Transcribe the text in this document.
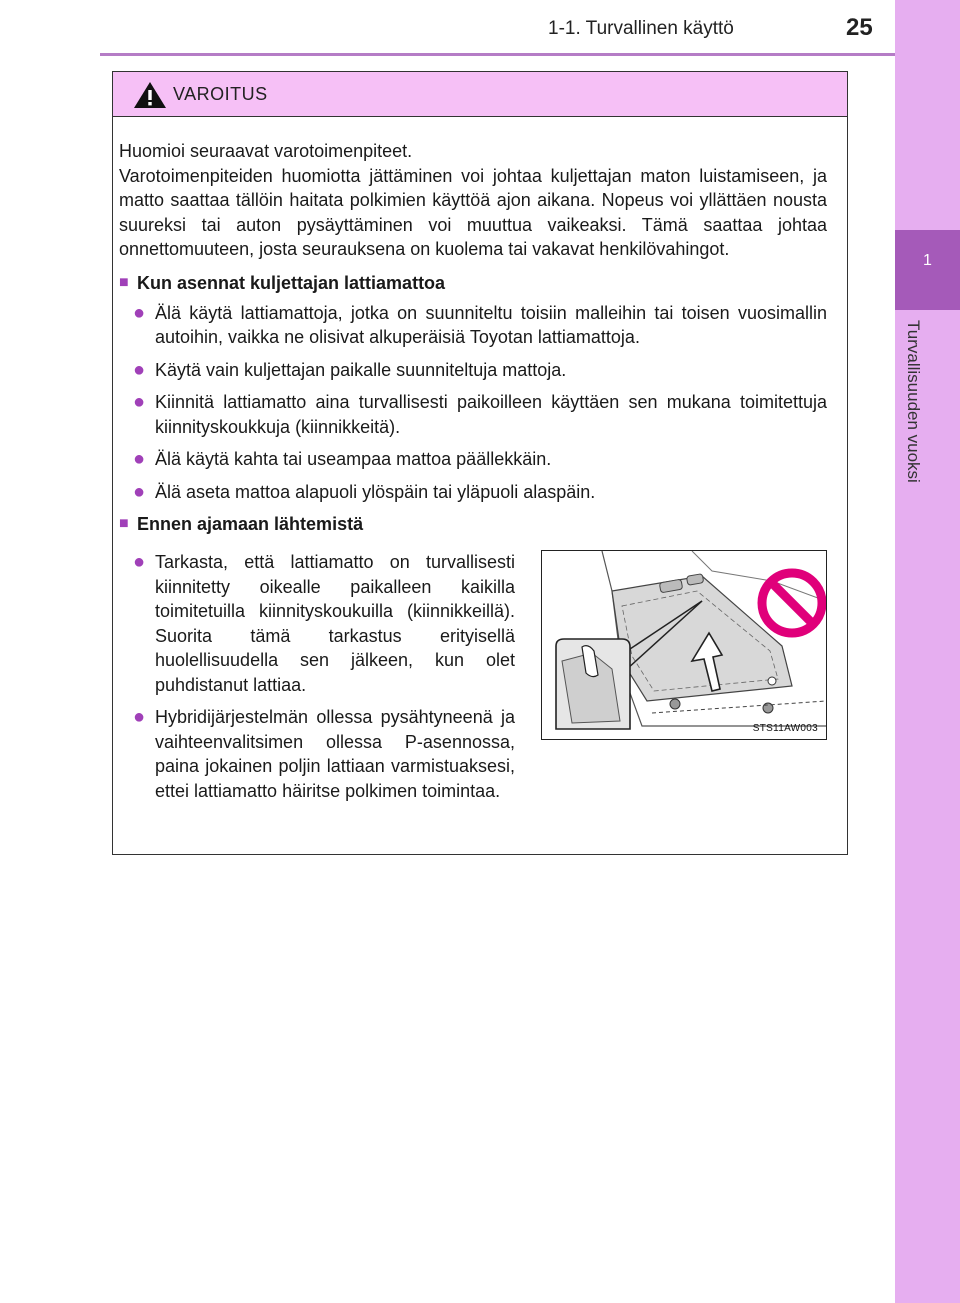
1-1. Turvallinen käyttö	25
1
Turvallisuuden vuoksi
VAROITUS

Huomioi seuraavat varotoimenpiteet.

Varotoimenpiteiden huomiotta jättäminen voi johtaa kuljettajan maton luistamiseen, ja matto saattaa tällöin haitata polkimien käyttöä ajon aikana. Nopeus voi yllättäen nousta suureksi tai auton pysäyttäminen voi muuttua vaikeaksi. Tämä saattaa johtaa onnettomuuteen, josta seurauksena on kuolema tai vakavat henkilövahingot.

■ Kun asennat kuljettajan lattiamattoa
● Älä käytä lattiamattoja, jotka on suunniteltu toisiin malleihin tai toisen vuosimallin autoihin, vaikka ne olisivat alkuperäisiä Toyotan lattiamattoja.

● Käytä vain kuljettajan paikalle suunniteltuja mattoja.

● Kiinnitä lattiamatto aina turvallisesti paikoilleen käyttäen sen mukana toimitettuja kiinnityskoukkuja (kiinnikkeitä).

● Älä käytä kahta tai useampaa mattoa päällekkäin.

● Älä aseta mattoa alapuoli ylöspäin tai yläpuoli alaspäin.

■ Ennen ajamaan lähtemistä
● Tarkasta, että lattiamatto on turvallisesti kiinnitetty oikealle paikalleen kaikilla toimitetuilla kiinnityskoukuilla (kiinnikkeillä). Suorita tämä tarkastus erityisellä huolellisuudella sen jälkeen, kun olet puhdistanut lattiaa.

● Hybridijärjestelmän ollessa pysähtyneenä ja vaihteenvalitsimen ollessa P-asennossa, paina jokainen poljin lattiaan varmistuaksesi, ettei lattiamatto häiritse polkimen toimintaa.

STS11AW003
